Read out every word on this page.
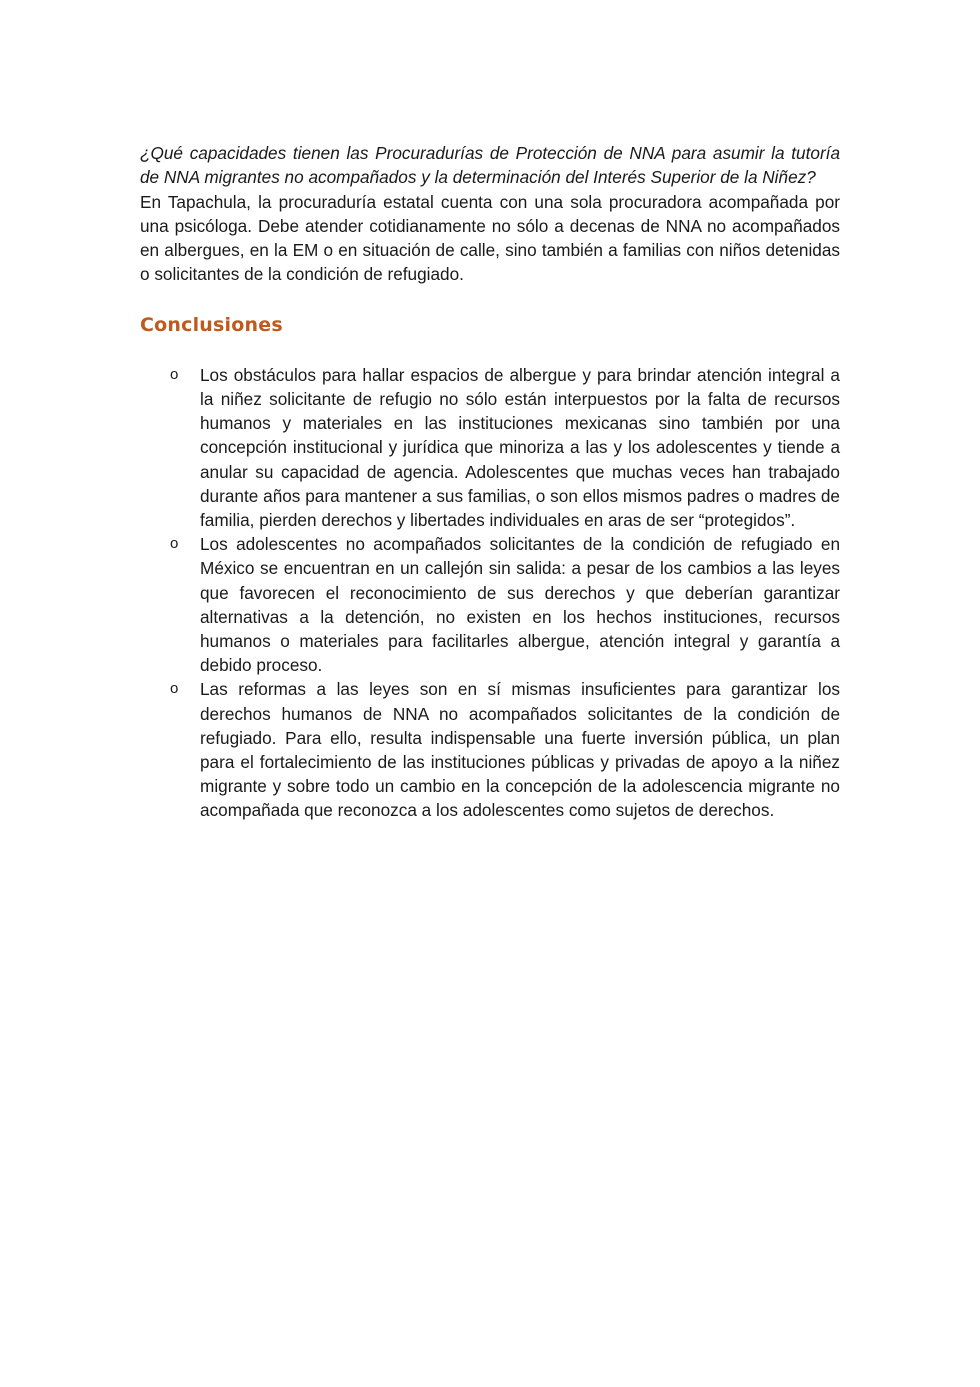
¿Qué capacidades tienen las Procuradurías de Protección de NNA para asumir la tutoría de NNA migrantes no acompañados y la determinación del Interés Superior de la Niñez?

En Tapachula, la procuraduría estatal cuenta con una sola procuradora acompañada por una psicóloga. Debe atender cotidianamente no sólo a decenas de NNA no acompañados en albergues, en la EM o en situación de calle, sino también a familias con niños detenidas o solicitantes de la condición de refugiado.

Conclusiones
o Los obstáculos para hallar espacios de albergue y para brindar atención integral a la niñez solicitante de refugio no sólo están interpuestos por la falta de recursos humanos y materiales en las instituciones mexicanas sino también por una concepción institucional y jurídica que minoriza a las y los adolescentes y tiende a anular su capacidad de agencia. Adolescentes que muchas veces han trabajado durante años para mantener a sus familias, o son ellos mismos padres o madres de familia, pierden derechos y libertades individuales en aras de ser “protegidos”.
o Los adolescentes no acompañados solicitantes de la condición de refugiado en México se encuentran en un callejón sin salida: a pesar de los cambios a las leyes que favorecen el reconocimiento de sus derechos y que deberían garantizar alternativas a la detención, no existen en los hechos instituciones, recursos humanos o materiales para facilitarles albergue, atención integral y garantía a debido proceso.
o Las reformas a las leyes son en sí mismas insuficientes para garantizar los derechos humanos de NNA no acompañados solicitantes de la condición de refugiado. Para ello, resulta indispensable una fuerte inversión pública, un plan para el fortalecimiento de las instituciones públicas y privadas de apoyo a la niñez migrante y sobre todo un cambio en la concepción de la adolescencia migrante no acompañada que reconozca a los adolescentes como sujetos de derechos.
